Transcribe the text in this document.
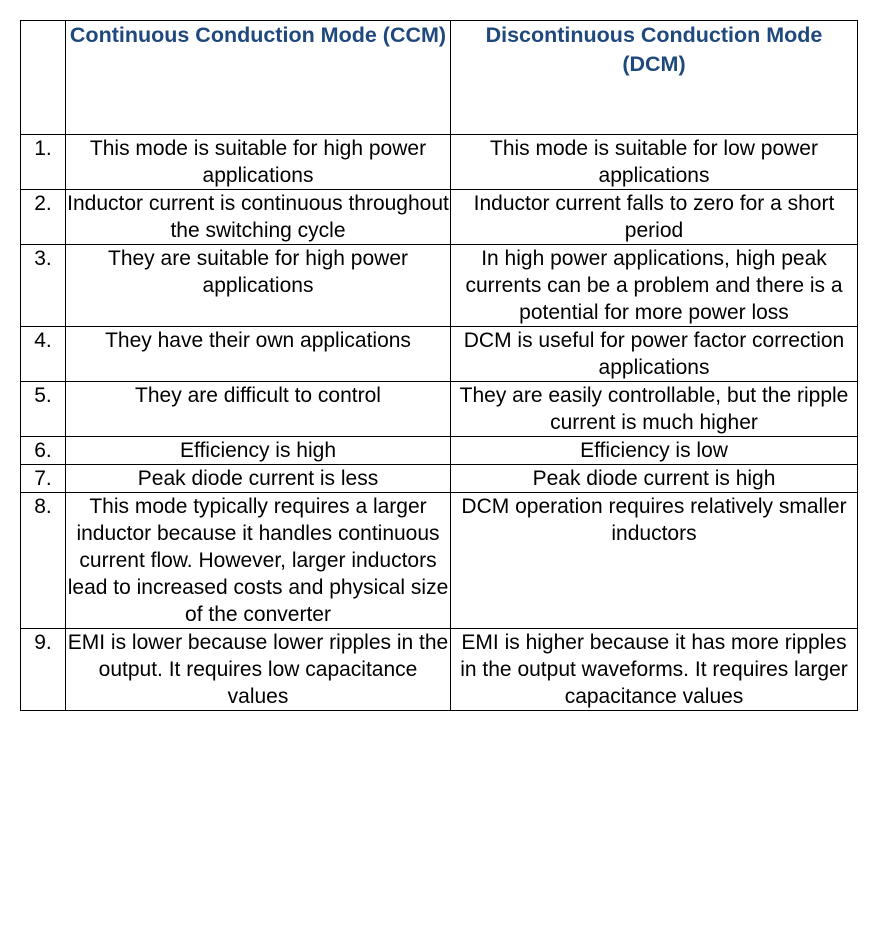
	Continuous Conduction Mode (CCM)	Discontinuous Conduction Mode (DCM)
1.	This mode is suitable for high power applications	This mode is suitable for low power applications
2.	Inductor current is continuous throughout the switching cycle	Inductor current falls to zero for a short period
3.	They are suitable for high power applications	In high power applications, high peak currents can be a problem and there is a potential for more power loss
4.	They have their own applications	DCM is useful for power factor correction applications
5.	They are difficult to control	They are easily controllable, but the ripple current is much higher
6.	Efficiency is high	Efficiency is low
7.	Peak diode current is less	Peak diode current is high
8.	This mode typically requires a larger inductor because it handles continuous current flow. However, larger inductors lead to increased costs and physical size of the converter	DCM operation requires relatively smaller inductors
9.	EMI is lower because lower ripples in the output. It requires low capacitance values	EMI is higher because it has more ripples in the output waveforms. It requires larger capacitance values
